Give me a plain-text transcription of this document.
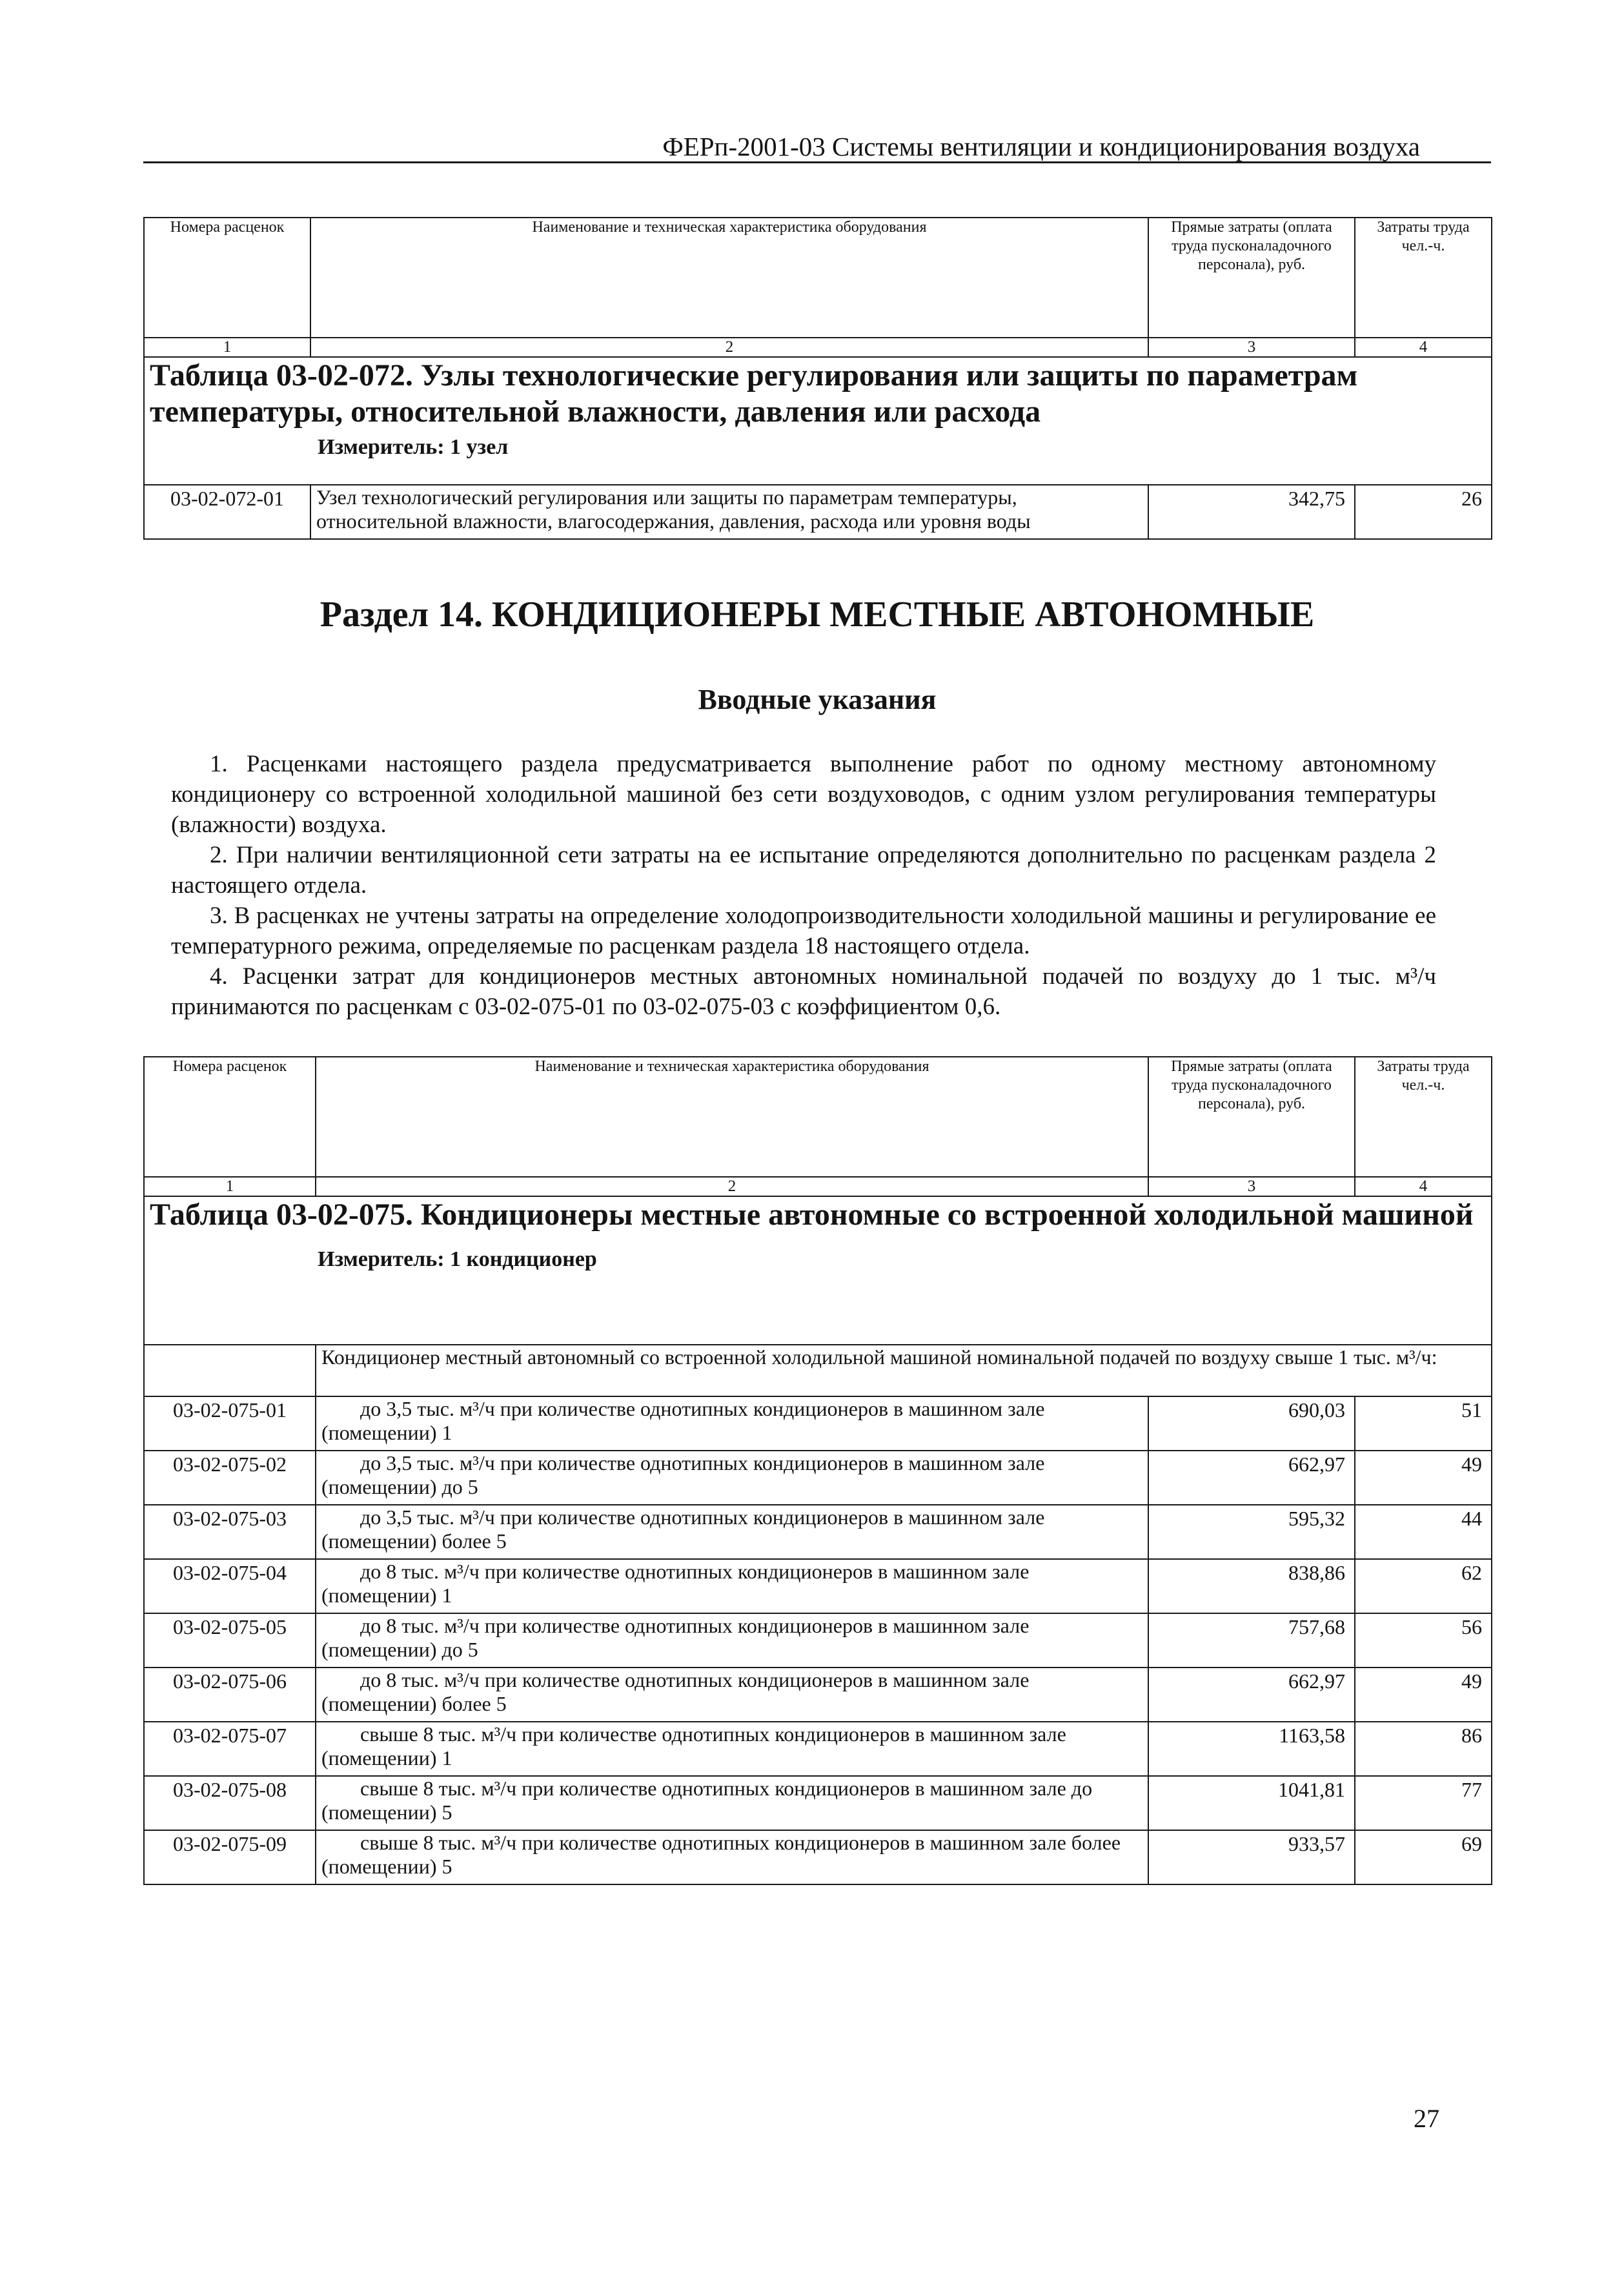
ФЕРп-2001-03 Системы вентиляции и кондиционирования воздуха
Номера расценок	Наименование и техническая характеристика оборудования	Прямые затраты (оплата труда пусконаладочного персонала), руб.	Затраты труда чел.-ч.
1	2	3	4

Таблица 03-02-072. Узлы технологические регулирования или защиты по параметрам температуры, относительной влажности, давления или расхода
Измеритель: 1 узел			

03-02-072-01	Узел технологический регулирования или защиты по параметрам температуры, относительной влажности, влагосодержания, давления, расхода или уровня воды	342,75	26
Раздел 14. КОНДИЦИОНЕРЫ МЕСТНЫЕ АВТОНОМНЫЕ
Вводные указания

1. Расценками настоящего раздела предусматривается выполнение работ по одному местному автономному кондиционеру со встроенной холодильной машиной без сети воздуховодов, с одним узлом регулирования температуры (влажности) воздуха.

2. При наличии вентиляционной сети затраты на ее испытание определяются дополнительно по расценкам раздела 2 настоящего отдела.

3. В расценках не учтены затраты на определение холодопроизводительности холодильной машины и регулирование ее температурного режима, определяемые по расценкам раздела 18 настоящего отдела.

4. Расценки затрат для кондиционеров местных автономных номинальной подачей по воздуху до 1 тыс. м³/ч принимаются по расценкам с 03-02-075-01 по 03-02-075-03 с коэффициентом 0,6.

Номера расценок	Наименование и техническая характеристика оборудования	Прямые затраты (оплата труда пусконаладочного персонала), руб.	Затраты труда чел.-ч.
1	2	3	4

Таблица 03-02-075. Кондиционеры местные автономные со встроенной холодильной машиной
Измеритель: 1 кондиционер			

	Кондиционер местный автономный со встроенной холодильной машиной номинальной подачей по воздуху свыше 1 тыс. м³/ч:		
03-02-075-01	до 3,5 тыс. м³/ч при количестве однотипных кондиционеров в машинном зале (помещении) 1	690,03	51
03-02-075-02	до 3,5 тыс. м³/ч при количестве однотипных кондиционеров в машинном зале (помещении) до 5	662,97	49
03-02-075-03	до 3,5 тыс. м³/ч при количестве однотипных кондиционеров в машинном зале (помещении) более 5	595,32	44
03-02-075-04	до 8 тыс. м³/ч при количестве однотипных кондиционеров в машинном зале (помещении) 1	838,86	62
03-02-075-05	до 8 тыс. м³/ч при количестве однотипных кондиционеров в машинном зале (помещении) до 5	757,68	56
03-02-075-06	до 8 тыс. м³/ч при количестве однотипных кондиционеров в машинном зале (помещении) более 5	662,97	49
03-02-075-07	свыше 8 тыс. м³/ч при количестве однотипных кондиционеров в машинном зале (помещении) 1	1163,58	86
03-02-075-08	свыше 8 тыс. м³/ч при количестве однотипных кондиционеров в машинном зале до (помещении) 5	1041,81	77
03-02-075-09	свыше 8 тыс. м³/ч при количестве однотипных кондиционеров в машинном зале более (помещении) 5	933,57	69
27
